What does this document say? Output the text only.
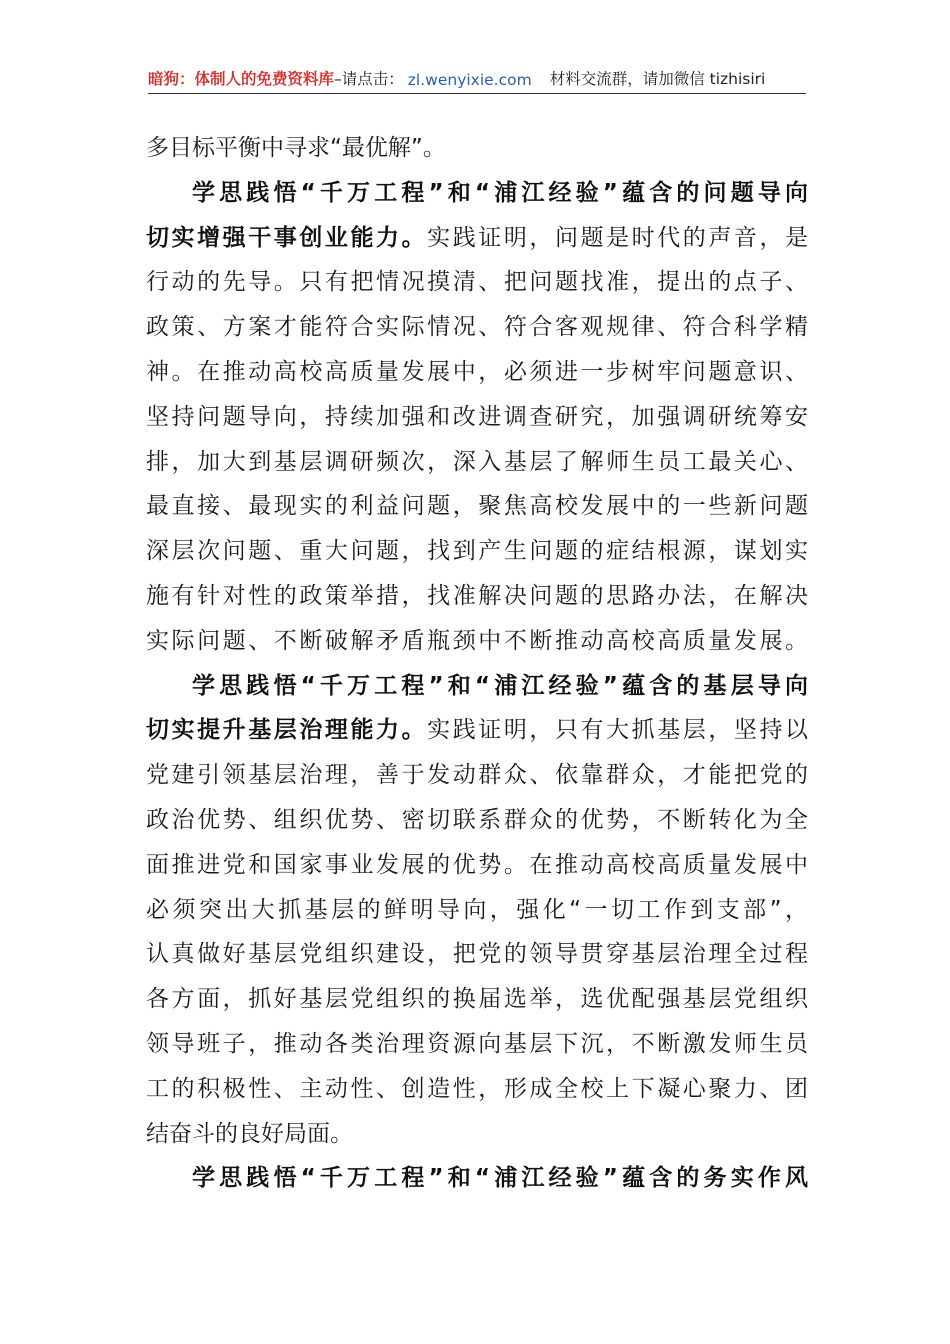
暗狗：体制人的免费资料库 –请点击： zl.wenyixie.com 材料交流群，请加微信 tizhisiri
多目标平衡中寻求“最优解”。
学思践悟“千万工程”和“浦江经验”蕴含的问题导向
切实增强干事创业能力。实践证明，问题是时代的声音，是
行动的先导。只有把情况摸清、把问题找准，提出的点子、
政策、方案才能符合实际情况、符合客观规律、符合科学精
神。在推动高校高质量发展中，必须进一步树牢问题意识、
坚持问题导向，持续加强和改进调查研究，加强调研统筹安
排，加大到基层调研频次，深入基层了解师生员工最关心、
最直接、最现实的利益问题，聚焦高校发展中的一些新问题
深层次问题、重大问题，找到产生问题的症结根源，谋划实
施有针对性的政策举措，找准解决问题的思路办法，在解决
实际问题、不断破解矛盾瓶颈中不断推动高校高质量发展。
学思践悟“千万工程”和“浦江经验”蕴含的基层导向
切实提升基层治理能力。实践证明，只有大抓基层，坚持以
党建引领基层治理，善于发动群众、依靠群众，才能把党的
政治优势、组织优势、密切联系群众的优势，不断转化为全
面推进党和国家事业发展的优势。在推动高校高质量发展中
必须突出大抓基层的鲜明导向，强化“一切工作到支部”，
认真做好基层党组织建设，把党的领导贯穿基层治理全过程
各方面，抓好基层党组织的换届选举，选优配强基层党组织
领导班子，推动各类治理资源向基层下沉，不断激发师生员
工的积极性、主动性、创造性，形成全校上下凝心聚力、团
结奋斗的良好局面。
学思践悟“千万工程”和“浦江经验”蕴含的务实作风
